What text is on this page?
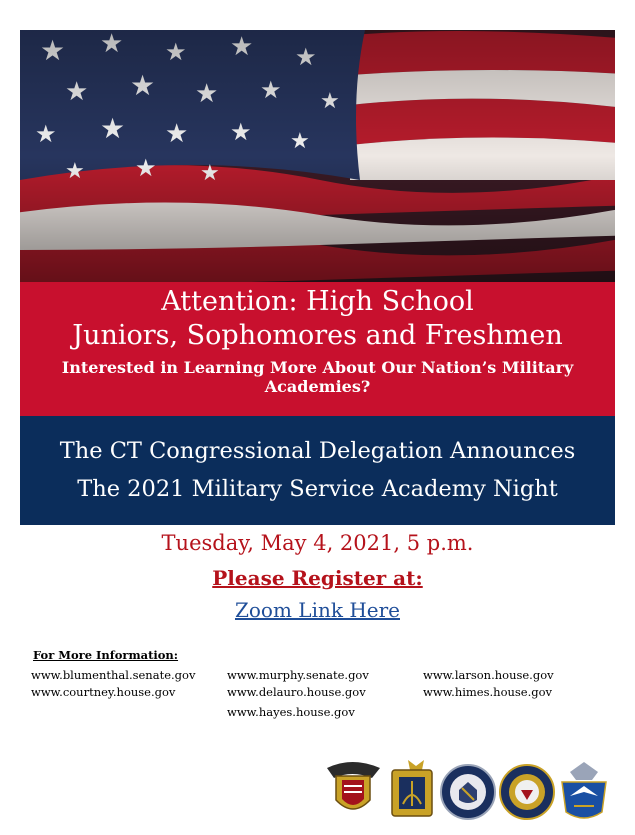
Attention: High School
Juniors, Sophomores and Freshmen
Interested in Learning More About Our Nation’s Military Academies?
The CT Congressional Delegation Announces
The 2021 Military Service Academy Night
Tuesday, May 4, 2021, 5 p.m.
Please Register at:
Zoom Link Here
For More Information:
www.blumenthal.senate.gov
www.courtney.house.gov
www.murphy.senate.gov
www.delauro.house.gov
www.hayes.house.gov
www.larson.house.gov
www.himes.house.gov
